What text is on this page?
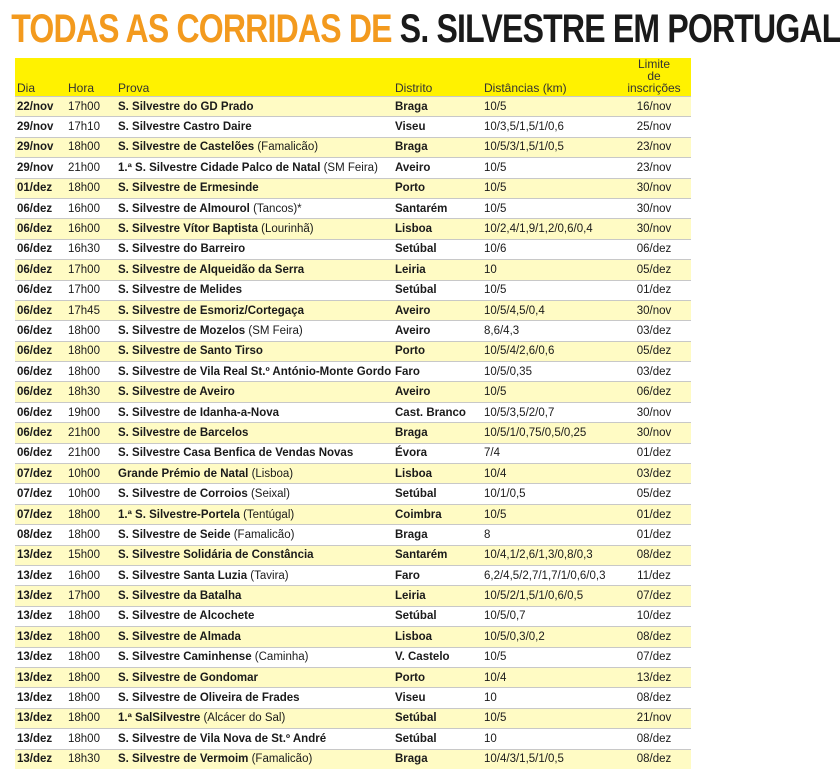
TODAS AS CORRIDAS DE S. SILVESTRE EM PORTUGAL
Dia	Hora	Prova	Distrito	Distâncias (km)	Limite
de inscrições
22/nov	17h00	S. Silvestre do GD Prado	Braga	10/5	16/nov
29/nov	17h10	S. Silvestre Castro Daire	Viseu	10/3,5/1,5/1/0,6	25/nov
29/nov	18h00	S. Silvestre de Castelões (Famalicão)	Braga	10/5/3/1,5/1/0,5	23/nov
29/nov	21h00	1.ª S. Silvestre Cidade Palco de Natal (SM Feira)	Aveiro	10/5	23/nov
01/dez	18h00	S. Silvestre de Ermesinde	Porto	10/5	30/nov
06/dez	16h00	S. Silvestre de Almourol (Tancos)*	Santarém	10/5	30/nov
06/dez	16h00	S. Silvestre Vítor Baptista (Lourinhã)	Lisboa	10/2,4/1,9/1,2/0,6/0,4	30/nov
06/dez	16h30	S. Silvestre do Barreiro	Setúbal	10/6	06/dez
06/dez	17h00	S. Silvestre de Alqueidão da Serra	Leiria	10	05/dez
06/dez	17h00	S. Silvestre de Melides	Setúbal	10/5	01/dez
06/dez	17h45	S. Silvestre de Esmoriz/Cortegaça	Aveiro	10/5/4,5/0,4	30/nov
06/dez	18h00	S. Silvestre de Mozelos (SM Feira)	Aveiro	8,6/4,3	03/dez
06/dez	18h00	S. Silvestre de Santo Tirso	Porto	10/5/4/2,6/0,6	05/dez
06/dez	18h00	S. Silvestre de Vila Real St.º António-Monte Gordo	Faro	10/5/0,35	03/dez
06/dez	18h30	S. Silvestre de Aveiro	Aveiro	10/5	06/dez
06/dez	19h00	S. Silvestre de Idanha-a-Nova	Cast. Branco	10/5/3,5/2/0,7	30/nov
06/dez	21h00	S. Silvestre de Barcelos	Braga	10/5/1/0,75/0,5/0,25	30/nov
06/dez	21h00	S. Silvestre Casa Benfica de Vendas Novas	Évora	7/4	01/dez
07/dez	10h00	Grande Prémio de Natal (Lisboa)	Lisboa	10/4	03/dez
07/dez	10h00	S. Silvestre de Corroios (Seixal)	Setúbal	10/1/0,5	05/dez
07/dez	18h00	1.ª S. Silvestre-Portela (Tentúgal)	Coimbra	10/5	01/dez
08/dez	18h00	S. Silvestre de Seide (Famalicão)	Braga	8	01/dez
13/dez	15h00	S. Silvestre Solidária de Constância	Santarém	10/4,1/2,6/1,3/0,8/0,3	08/dez
13/dez	16h00	S. Silvestre Santa Luzia (Tavira)	Faro	6,2/4,5/2,7/1,7/1/0,6/0,3	11/dez
13/dez	17h00	S. Silvestre da Batalha	Leiria	10/5/2/1,5/1/0,6/0,5	07/dez
13/dez	18h00	S. Silvestre de Alcochete	Setúbal	10/5/0,7	10/dez
13/dez	18h00	S. Silvestre de Almada	Lisboa	10/5/0,3/0,2	08/dez
13/dez	18h00	S. Silvestre Caminhense (Caminha)	V. Castelo	10/5	07/dez
13/dez	18h00	S. Silvestre de Gondomar	Porto	10/4	13/dez
13/dez	18h00	S. Silvestre de Oliveira de Frades	Viseu	10	08/dez
13/dez	18h00	1.ª SalSilvestre (Alcácer do Sal)	Setúbal	10/5	21/nov
13/dez	18h00	S. Silvestre de Vila Nova de St.º André	Setúbal	10	08/dez
13/dez	18h30	S. Silvestre de Vermoim (Famalicão)	Braga	10/4/3/1,5/1/0,5	08/dez
